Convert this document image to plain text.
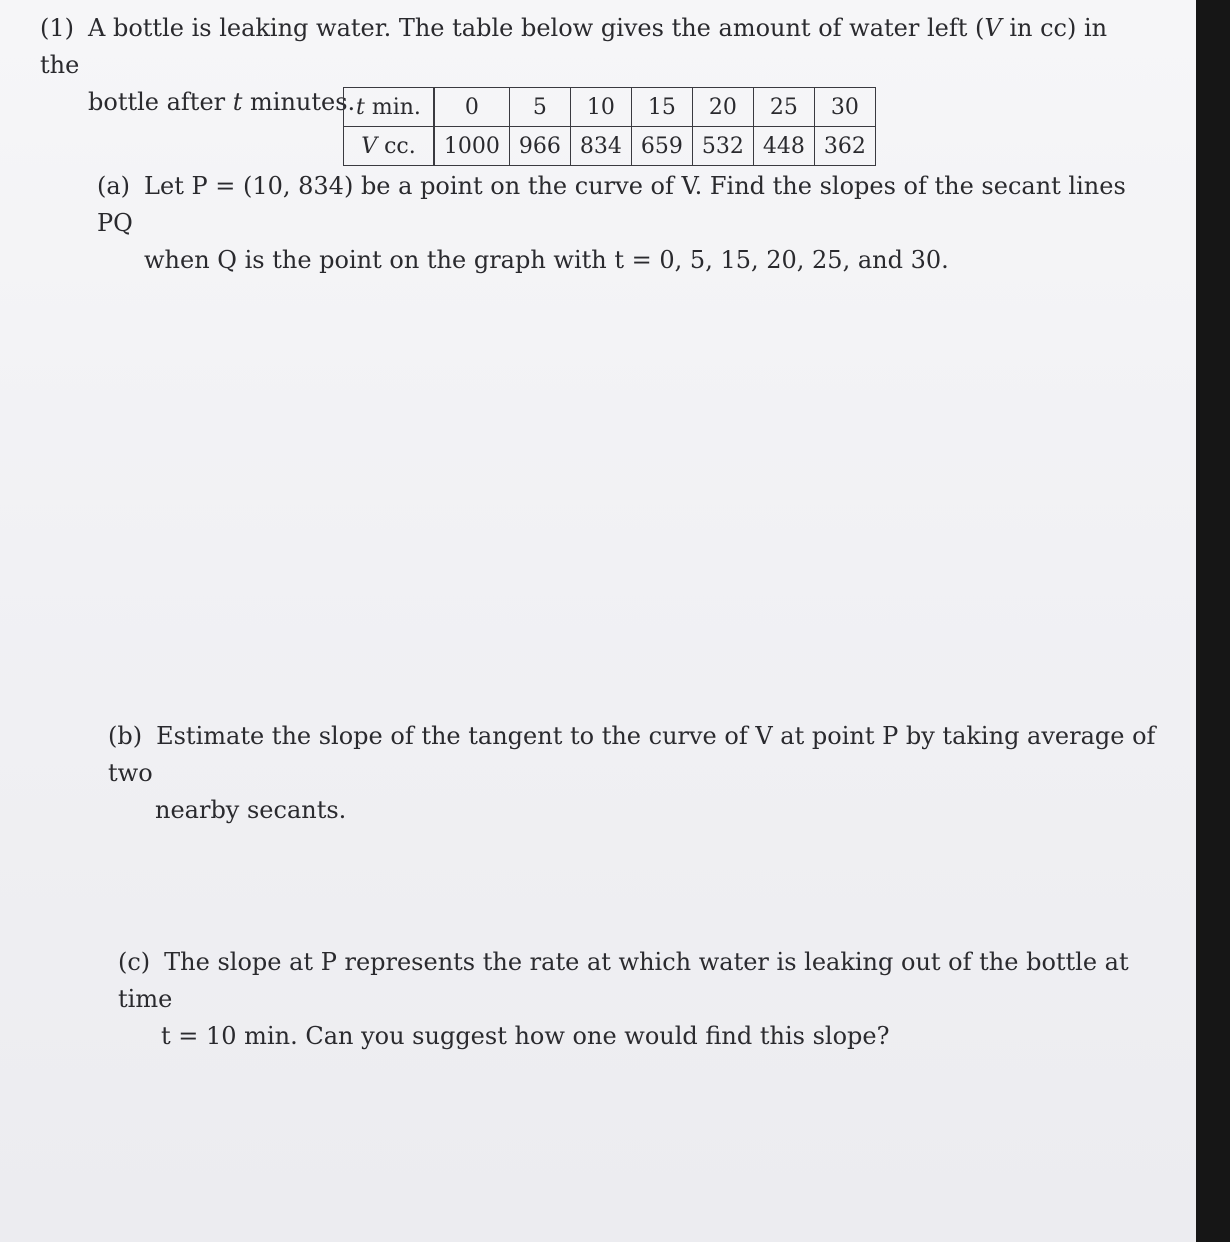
(1) A bottle is leaking water. The table below gives the amount of water left (V in cc) in the
bottle after t minutes. t min.	0	5	10	15	20	25	30
V cc.	1000	966	834	659	532	448	362

(a) Let P = (10, 834) be a point on the curve of V. Find the slopes of the secant lines PQ
when Q is the point on the graph with t = 0, 5, 15, 20, 25, and 30.

(b) Estimate the slope of the tangent to the curve of V at point P by taking average of two
nearby secants.

(c) The slope at P represents the rate at which water is leaking out of the bottle at time
t = 10 min. Can you suggest how one would find this slope?
